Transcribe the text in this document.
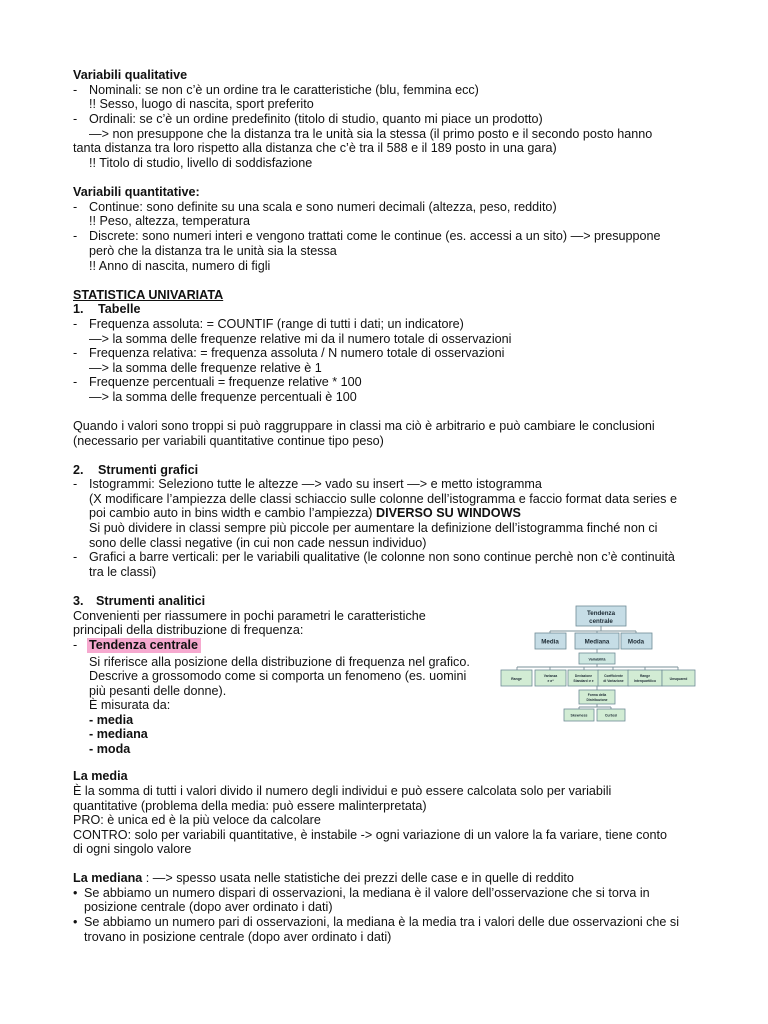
Variabili qualitative
- Nominali: se non c’è un ordine tra le caratteristiche (blu, femmina ecc)
!! Sesso, luogo di nascita, sport preferito
- Ordinali: se c’è un ordine predefinito (titolo di studio, quanto mi piace un prodotto)
—> non presuppone che la distanza tra le unità sia la stessa (il primo posto e il secondo posto hanno
tanta distanza tra loro rispetto alla distanza che c’è tra il 588 e il 189 posto in una gara)
!! Titolo di studio, livello di soddisfazione
Variabili quantitative:
- Continue: sono definite su una scala e sono numeri decimali (altezza, peso, reddito)
!! Peso, altezza, temperatura
- Discrete: sono numeri interi e vengono trattati come le continue (es. accessi a un sito) —> presuppone
però che la distanza tra le unità sia la stessa
!! Anno di nascita, numero di figli
STATISTICA UNIVARIATA
1. Tabelle
- Frequenza assoluta: = COUNTIF (range di tutti i dati; un indicatore)
—> la somma delle frequenze relative mi da il numero totale di osservazioni
- Frequenza relativa: = frequenza assoluta / N numero totale di osservazioni
—> la somma delle frequenze relative è 1
- Frequenze percentuali = frequenze relative * 100
—> la somma delle frequenze percentuali è 100
Quando i valori sono troppi si può raggruppare in classi ma ciò è arbitrario e può cambiare le conclusioni
(necessario per variabili quantitative continue tipo peso)
2. Strumenti grafici
- Istogrammi: Seleziono tutte le altezze —> vado su insert —> e metto istogramma
(X modificare l’ampiezza delle classi schiaccio sulle colonne dell’istogramma e faccio format data series e
poi cambio auto in bins width e cambio l’ampiezza) DIVERSO SU WINDOWS
Si può dividere in classi sempre più piccole per aumentare la definizione dell’istogramma finché non ci
sono delle classi negative (in cui non cade nessun individuo)
- Grafici a barre verticali: per le variabili qualitative (le colonne non sono continue perchè non c’è continuità
tra le classi)
3. Strumenti analitici
Convenienti per riassumere in pochi parametri le caratteristiche
principali della distribuzione di frequenza:
- Tendenza centrale
Si riferisce alla posizione della distribuzione di frequenza nel grafico.
Descrive a grossomodo come si comporta un fenomeno (es. uomini
più pesanti delle donne).
È misurata da:
- media
- mediana
- moda
Tendenza
centrale
Media	Mediana	Moda
Variabilità
Range
Varianza
e σ²
Deviazione
Standard σ e
Coefficiente
di Variazione
Range
Interquartilico	Unsquared
Forma della
Distribuzione
Skewness	Curtosi
La media
È la somma di tutti i valori divido il numero degli individui e può essere calcolata solo per variabili
quantitative (problema della media: può essere malinterpretata)
PRO: è unica ed è la più veloce da calcolare
CONTRO: solo per variabili quantitative, è instabile -> ogni variazione di un valore la fa variare, tiene conto
di ogni singolo valore
La mediana : —> spesso usata nelle statistiche dei prezzi delle case e in quelle di reddito
• Se abbiamo un numero dispari di osservazioni, la mediana è il valore dell’osservazione che si torva in
posizione centrale (dopo aver ordinato i dati)
• Se abbiamo un numero pari di osservazioni, la mediana è la media tra i valori delle due osservazioni che si
trovano in posizione centrale (dopo aver ordinato i dati)
